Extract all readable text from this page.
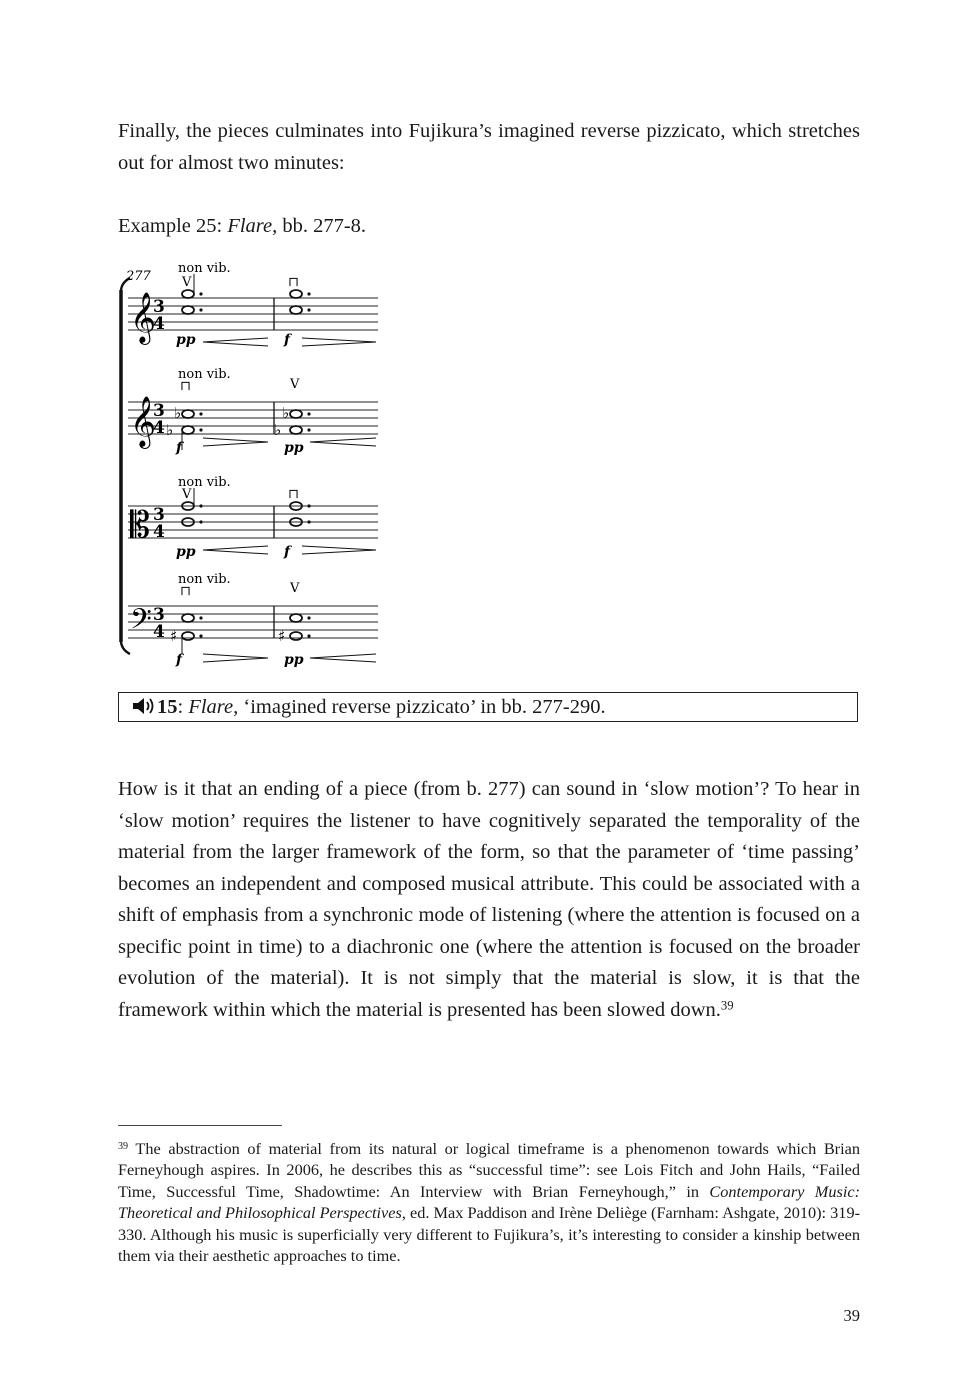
Finally, the pieces culminates into Fujikura’s imagined reverse pizzicato, which stretches out for almost two minutes:

Example 25: Flare, bb. 277-8.

277
𝄞
3
4
non vib.
V
pp
⊓
f
𝄞
3
4
non vib.
⊓
♭
♭
f
V
♭
♭
pp
𝄡 3
4
non vib.
V
pp
⊓
f
𝄢 3
4
non vib.
⊓
♯
f
V
♯
pp
15: Flare, ‘imagined reverse pizzicato’ in bb. 277-290.

How is it that an ending of a piece (from b. 277) can sound in ‘slow motion’? To hear in ‘slow motion’ requires the listener to have cognitively separated the temporality of the material from the larger framework of the form, so that the parameter of ‘time passing’ becomes an independent and composed musical attribute. This could be associated with a shift of emphasis from a synchronic mode of listening (where the attention is focused on a specific point in time) to a diachronic one (where the attention is focused on the broader evolution of the material). It is not simply that the material is slow, it is that the framework within which the material is presented has been slowed down.$^{39}$

$^{39}$ The abstraction of material from its natural or logical timeframe is a phenomenon towards which Brian Ferneyhough aspires. In 2006, he describes this as “successful time”: see Lois Fitch and John Hails, “Failed Time, Successful Time, Shadowtime: An Interview with Brian Ferneyhough,” in Contemporary Music: Theoretical and Philosophical Perspectives, ed. Max Paddison and Irène Deliège (Farnham: Ashgate, 2010): 319-330. Although his music is superficially very different to Fujikura’s, it’s interesting to consider a kinship between them via their aesthetic approaches to time.

39
